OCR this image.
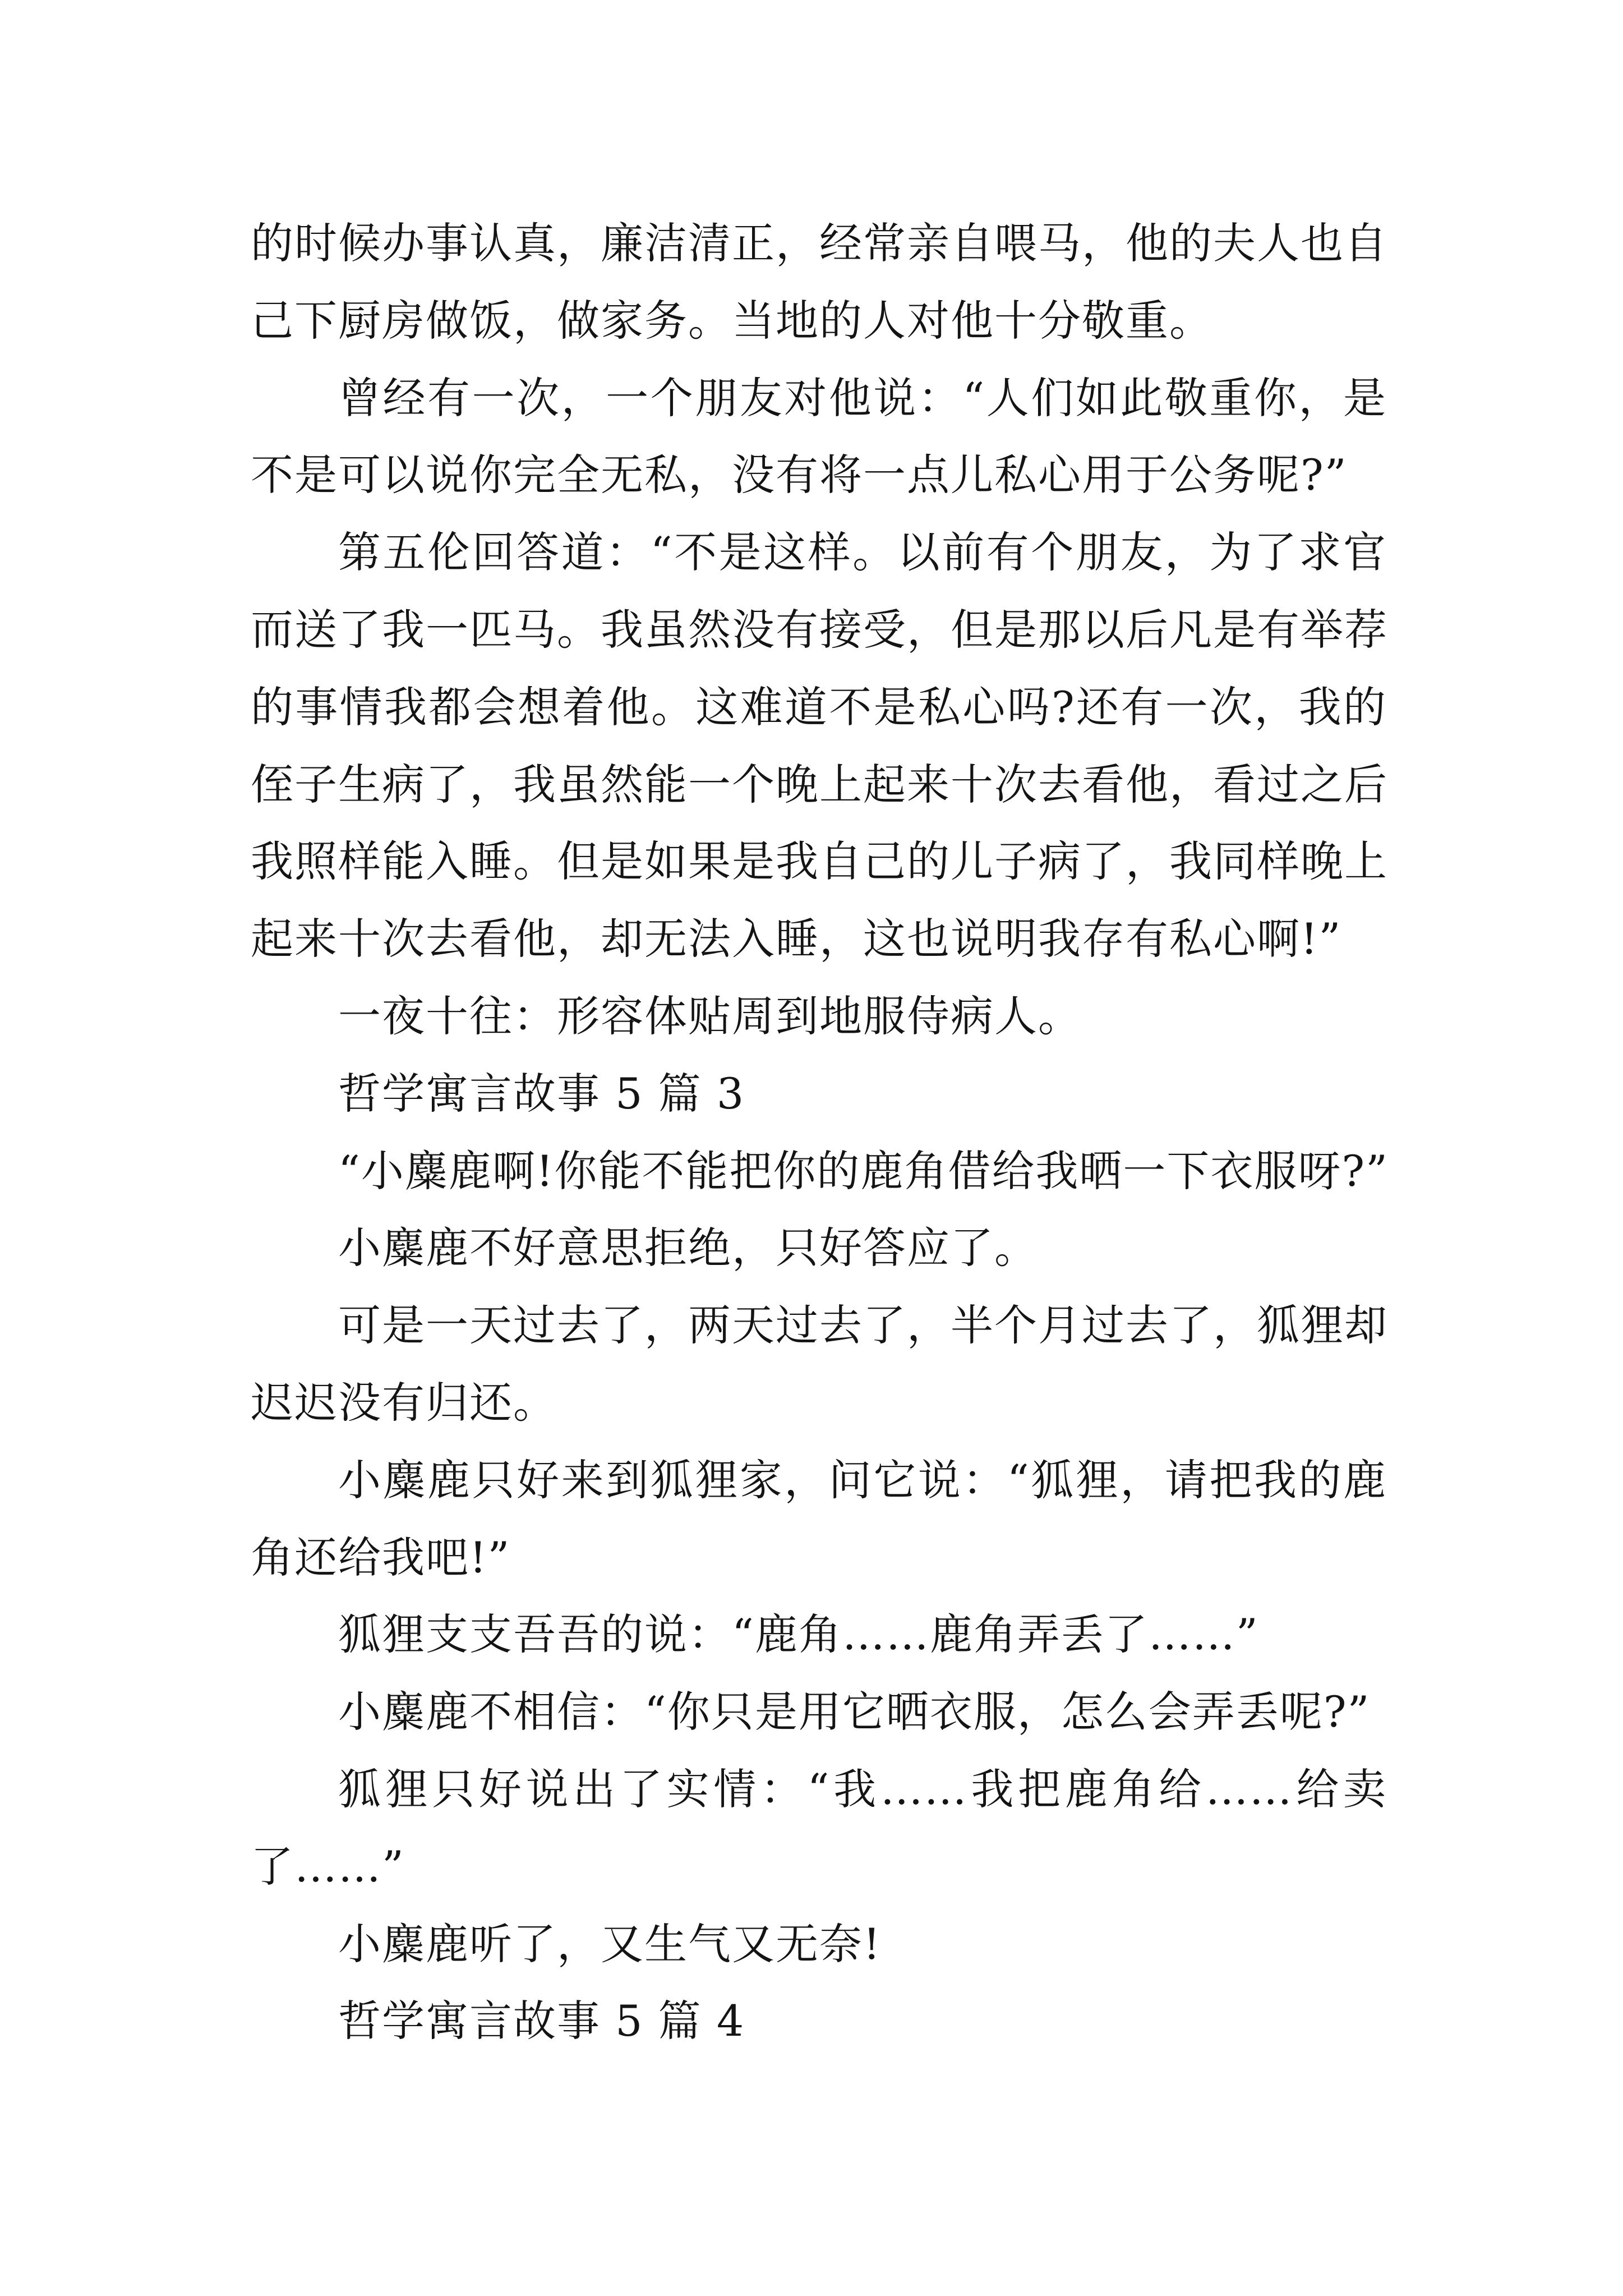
的时候办事认真，廉洁清正，经常亲自喂马，他的夫人也自
己下厨房做饭，做家务。当地的人对他十分敬重。
曾经有一次，一个朋友对他说：“人们如此敬重你，是
不是可以说你完全无私，没有将一点儿私心用于公务呢?”
第五伦回答道：“不是这样。以前有个朋友，为了求官
而送了我一匹马。我虽然没有接受，但是那以后凡是有举荐
的事情我都会想着他。这难道不是私心吗?还有一次，我的
侄子生病了，我虽然能一个晚上起来十次去看他，看过之后
我照样能入睡。但是如果是我自己的儿子病了，我同样晚上
起来十次去看他，却无法入睡，这也说明我存有私心啊!”
一夜十往：形容体贴周到地服侍病人。
哲学寓言故事 5 篇 3
“小麋鹿啊!你能不能把你的鹿角借给我晒一下衣服呀?”
小麋鹿不好意思拒绝，只好答应了。
可是一天过去了，两天过去了，半个月过去了，狐狸却
迟迟没有归还。
小麋鹿只好来到狐狸家，问它说：“狐狸，请把我的鹿
角还给我吧!”
狐狸支支吾吾的说：“鹿角……鹿角弄丢了……”
小麋鹿不相信：“你只是用它晒衣服，怎么会弄丢呢?”
狐狸只好说出了实情：“我……我把鹿角给……给卖
了……”
小麋鹿听了，又生气又无奈!
哲学寓言故事 5 篇 4
